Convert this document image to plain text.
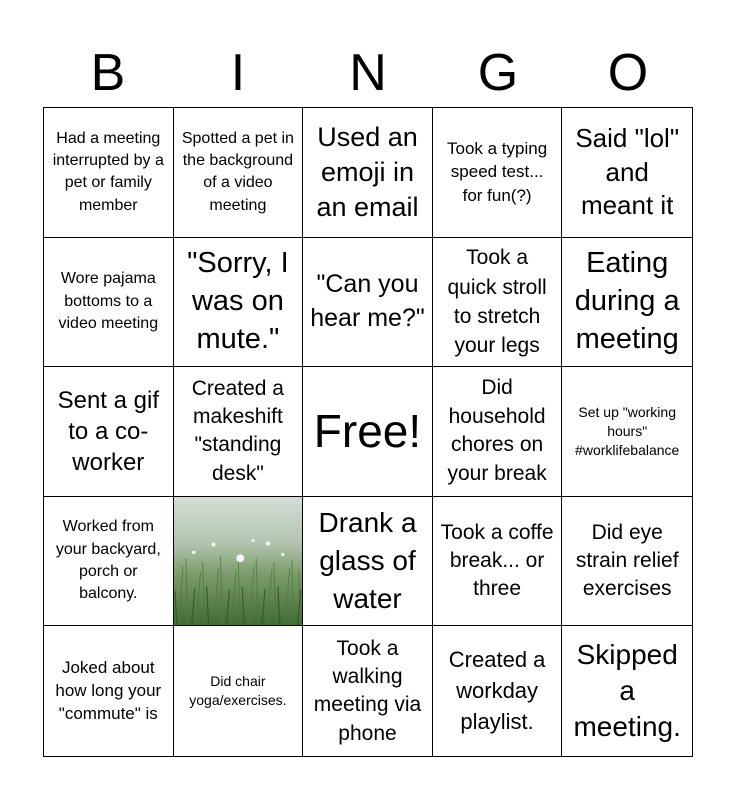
B	I	N	G	O
Had a meeting interrupted by a pet or family member
Spotted a pet in the background of a video meeting
Used an emoji in an email
Took a typing speed test... for fun(?)
Said "lol" and meant it
Wore pajama bottoms to a video meeting
"Sorry, I was on mute."
"Can you hear me?"
Took a quick stroll to stretch your legs
Eating during a meeting
Sent a gif to a co-worker
Created a makeshift "standing desk"
Free!
Did household chores on your break
Set up "working hours" #worklifebalance
Worked from your backyard, porch or balcony.
Drank a glass of water
Took a coffe break... or three
Did eye strain relief exercises
Joked about how long your "commute" is
Did chair yoga/exercises.
Took a walking meeting via phone
Created a workday playlist.
Skipped a meeting.
